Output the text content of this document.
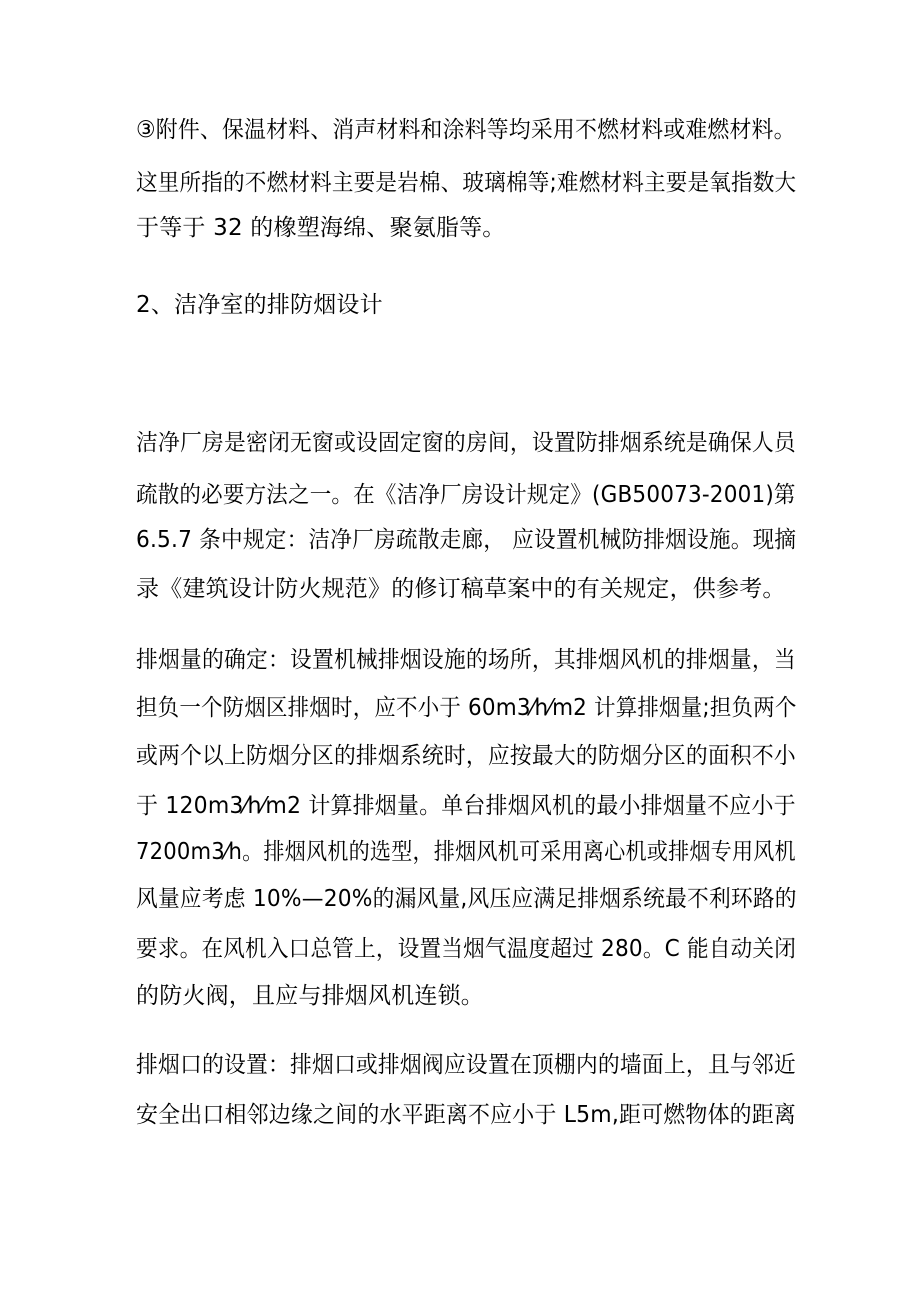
③附件、保温材料、消声材料和涂料等均采用不燃材料或难燃材料。
这里所指的不燃材料主要是岩棉、玻璃棉等;难燃材料主要是氧指数大
于等于 32 的橡塑海绵、聚氨脂等。
2、洁净室的排防烟设计
洁净厂房是密闭无窗或设固定窗的房间，设置防排烟系统是确保人员
疏散的必要方法之一。在《洁净厂房设计规定》(GB50073-2001)第
6.5.7 条中规定：洁净厂房疏散走廊， 应设置机械防排烟设施。现摘
录《建筑设计防火规范》的修订稿草案中的有关规定，供参考。
排烟量的确定：设置机械排烟设施的场所，其排烟风机的排烟量，当
担负一个防烟区排烟时，应不小于 60m3⁄h⁄m2 计算排烟量;担负两个
或两个以上防烟分区的排烟系统时，应按最大的防烟分区的面积不小
于 120m3⁄h⁄m2 计算排烟量。单台排烟风机的最小排烟量不应小于
7200m3⁄h。排烟风机的选型，排烟风机可采用离心机或排烟专用风机
风量应考虑 10%—20%的漏风量,风压应满足排烟系统最不利环路的
要求。在风机入口总管上，设置当烟气温度超过 280。C 能自动关闭
的防火阀，且应与排烟风机连锁。
排烟口的设置：排烟口或排烟阀应设置在顶棚内的墙面上，且与邻近
安全出口相邻边缘之间的水平距离不应小于 L5m,距可燃物体的距离
